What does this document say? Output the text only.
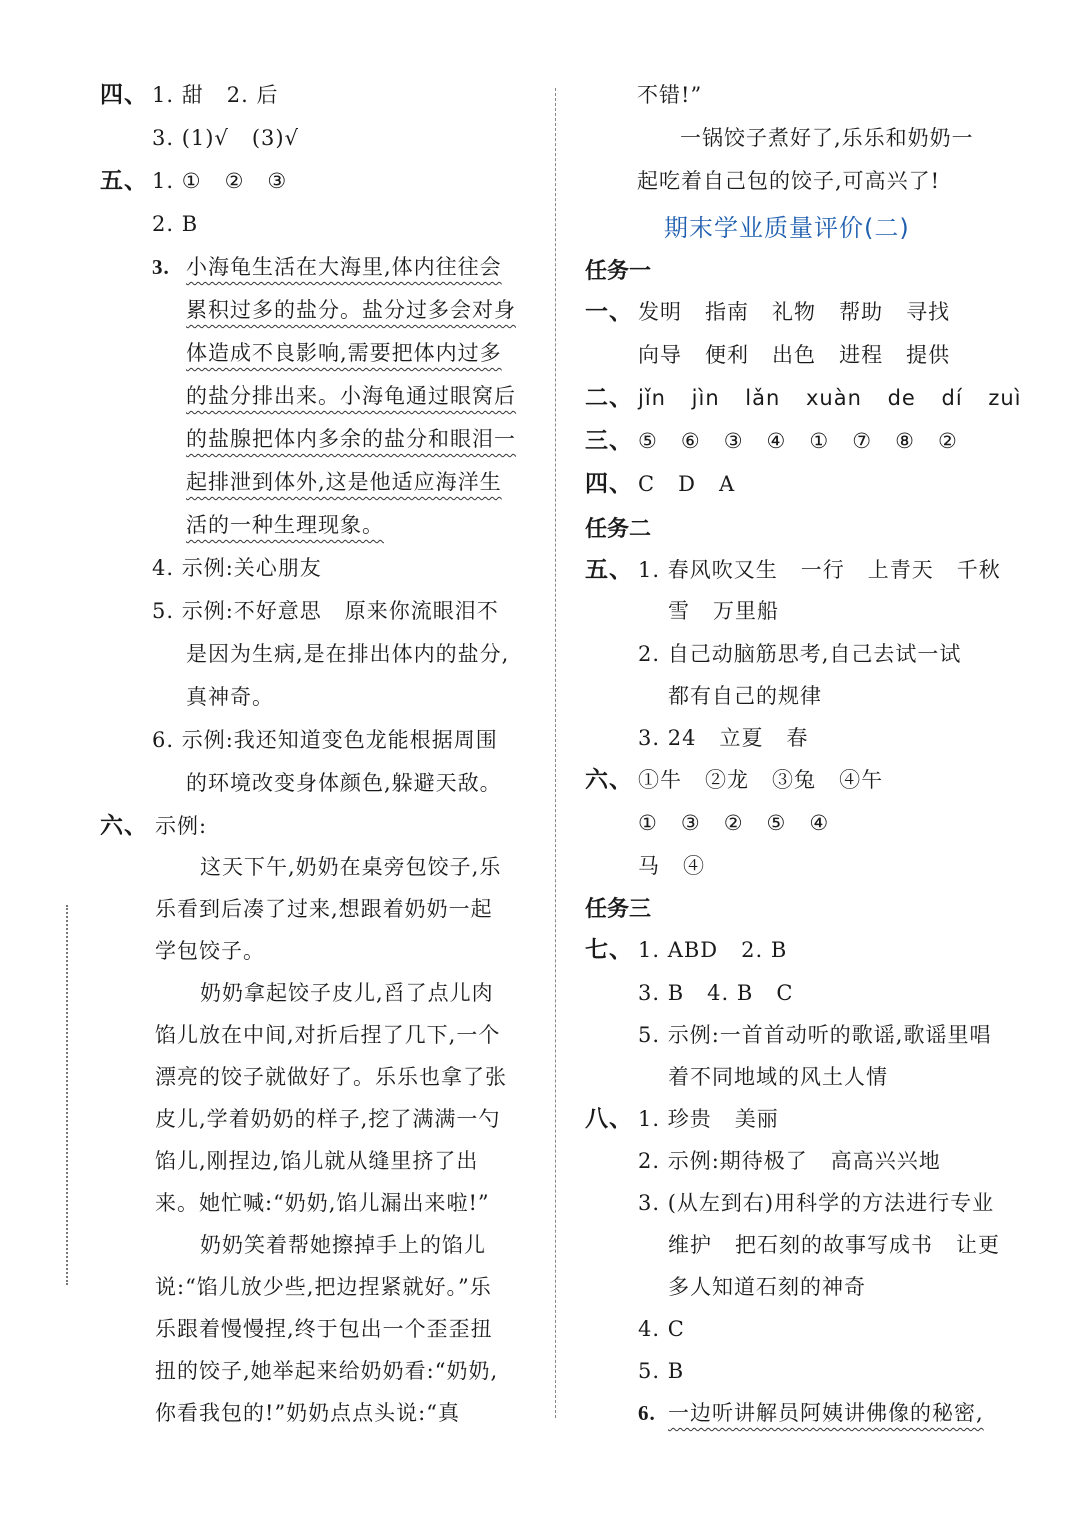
四、 1. 甜   2. 后
3. (1)√   (3)√
五、 1. ①   ②   ③
2. B
3. 小海龟生活在大海里,体内往往会
累积过多的盐分。盐分过多会对身
体造成不良影响,需要把体内过多
的盐分排出来。小海龟通过眼窝后
的盐腺把体内多余的盐分和眼泪一
起排泄到体外,这是他适应海洋生
活的一种生理现象。
4. 示例:关心朋友
5. 示例:不好意思   原来你流眼泪不
是因为生病,是在排出体内的盐分,
真神奇。
6. 示例:我还知道变色龙能根据周围
的环境改变身体颜色,躲避天敌。
六、 示例:
这天下午,奶奶在桌旁包饺子,乐
乐看到后凑了过来,想跟着奶奶一起
学包饺子。
奶奶拿起饺子皮儿,舀了点儿肉
馅儿放在中间,对折后捏了几下,一个
漂亮的饺子就做好了。乐乐也拿了张
皮儿,学着奶奶的样子,挖了满满一勺
馅儿,刚捏边,馅儿就从缝里挤了出
来。她忙喊:“奶奶,馅儿漏出来啦!”
奶奶笑着帮她擦掉手上的馅儿
说:“馅儿放少些,把边捏紧就好。”乐
乐跟着慢慢捏,终于包出一个歪歪扭
扭的饺子,她举起来给奶奶看:“奶奶,
你看我包的!”奶奶点点头说:“真
不错!”
一锅饺子煮好了,乐乐和奶奶一
起吃着自己包的饺子,可高兴了!
期末学业质量评价(二)
任务一
一、 发明   指南   礼物   帮助   寻找
向导   便利   出色   进程   提供
二、 jǐn jìn lǎn xuàn de dí zuì
三、 ⑤   ⑥   ③   ④   ①   ⑦   ⑧   ②
四、 C   D   A
任务二
五、 1. 春风吹又生   一行   上青天   千秋
雪   万里船
2. 自己动脑筋思考,自己去试一试
都有自己的规律
3. 24   立夏   春
六、 ①牛   ②龙   ③兔   ④午
①   ③   ②   ⑤   ④
马   ④
任务三
七、 1. ABD   2. B
3. B   4. B   C
5. 示例:一首首动听的歌谣,歌谣里唱
着不同地域的风土人情
八、 1. 珍贵   美丽
2. 示例:期待极了   高高兴兴地
3. (从左到右)用科学的方法进行专业
维护   把石刻的故事写成书   让更
多人知道石刻的神奇
4. C
5. B
6. 一边听讲解员阿姨讲佛像的秘密,
